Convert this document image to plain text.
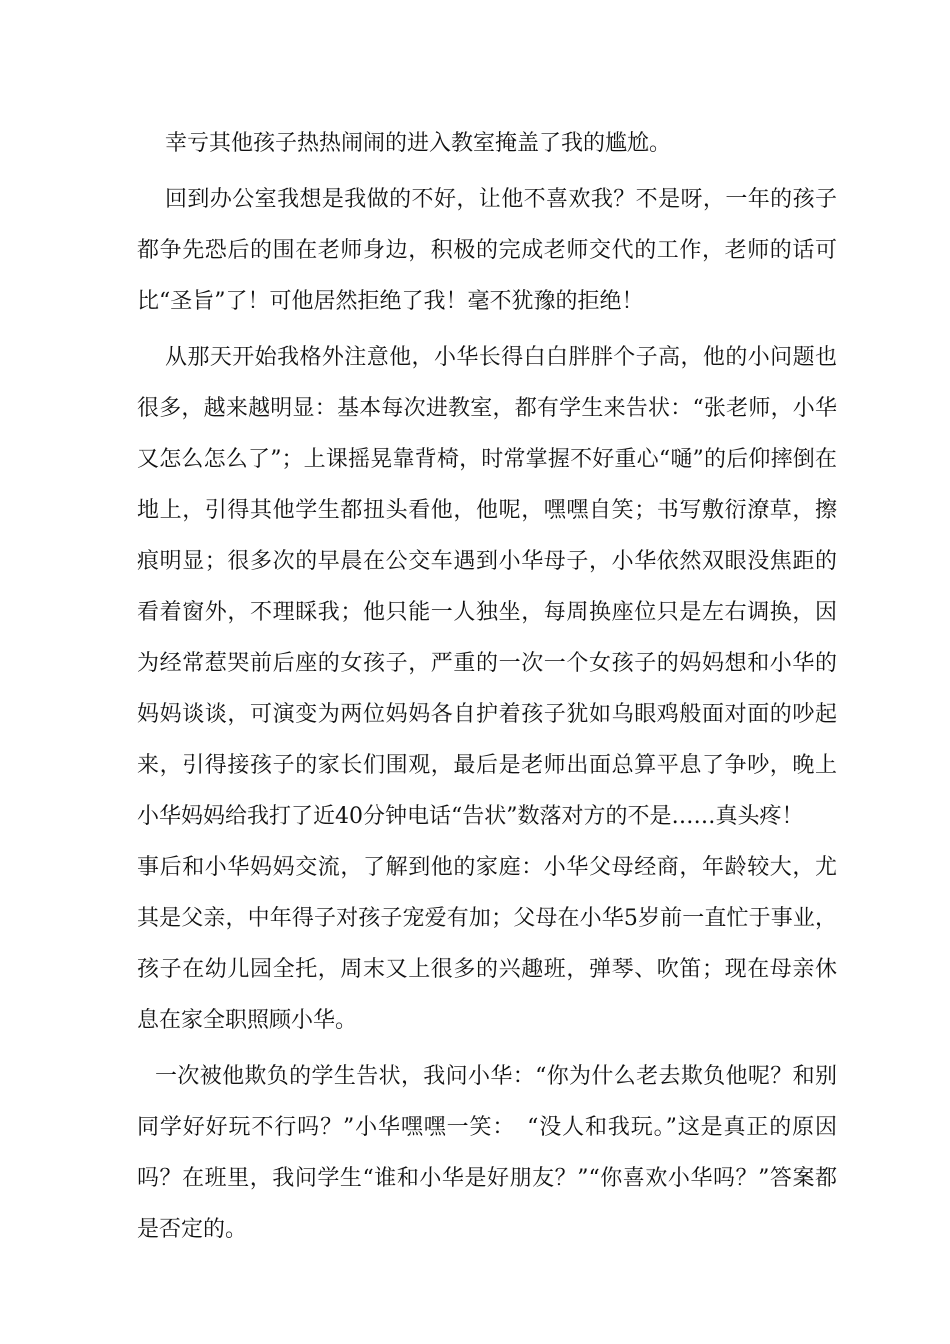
幸亏其他孩子热热闹闹的进入教室掩盖了我的尴尬。

回到办公室我想是我做的不好，让他不喜欢我？不是呀，一年的孩子都争先恐后的围在老师身边，积极的完成老师交代的工作，老师的话可比“圣旨”了！可他居然拒绝了我！毫不犹豫的拒绝！

从那天开始我格外注意他，小华长得白白胖胖个子高，他的小问题也很多，越来越明显：基本每次进教室，都有学生来告状：“张老师，小华又怎么怎么了”；上课摇晃靠背椅，时常掌握不好重心“嗵”的后仰摔倒在地上，引得其他学生都扭头看他，他呢，嘿嘿自笑；书写敷衍潦草，擦痕明显；很多次的早晨在公交车遇到小华母子，小华依然双眼没焦距的看着窗外，不理睬我；他只能一人独坐，每周换座位只是左右调换，因为经常惹哭前后座的女孩子，严重的一次一个女孩子的妈妈想和小华的妈妈谈谈，可演变为两位妈妈各自护着孩子犹如乌眼鸡般面对面的吵起来，引得接孩子的家长们围观，最后是老师出面总算平息了争吵，晚上小华妈妈给我打了近40分钟电话“告状”数落对方的不是……真头疼！

事后和小华妈妈交流，了解到他的家庭：小华父母经商，年龄较大，尤其是父亲，中年得子对孩子宠爱有加；父母在小华5岁前一直忙于事业，孩子在幼儿园全托，周末又上很多的兴趣班，弹琴、吹笛；现在母亲休息在家全职照顾小华。

一次被他欺负的学生告状，我问小华：“你为什么老去欺负他呢？和别同学好好玩不行吗？”小华嘿嘿一笑：　“没人和我玩。”这是真正的原因吗？在班里，我问学生“谁和小华是好朋友？”“你喜欢小华吗？”答案都是否定的。
